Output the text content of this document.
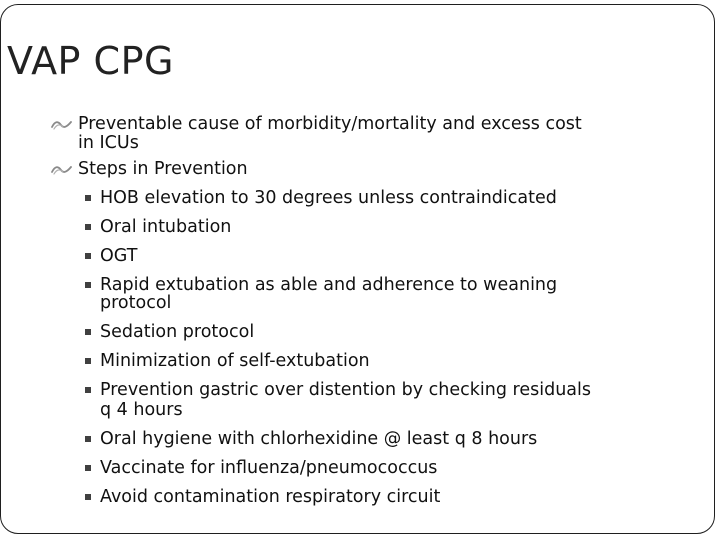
VAP CPG
Preventable cause of morbidity/mortality and excess cost
in ICUs
Steps in Prevention
HOB elevation to 30 degrees unless contraindicated
Oral intubation
OGT
Rapid extubation as able and adherence to weaning
protocol
Sedation protocol
Minimization of self-extubation
Prevention gastric over distention by checking residuals
q 4 hours
Oral hygiene with chlorhexidine @ least q 8 hours
Vaccinate for influenza/pneumococcus
Avoid contamination respiratory circuit
